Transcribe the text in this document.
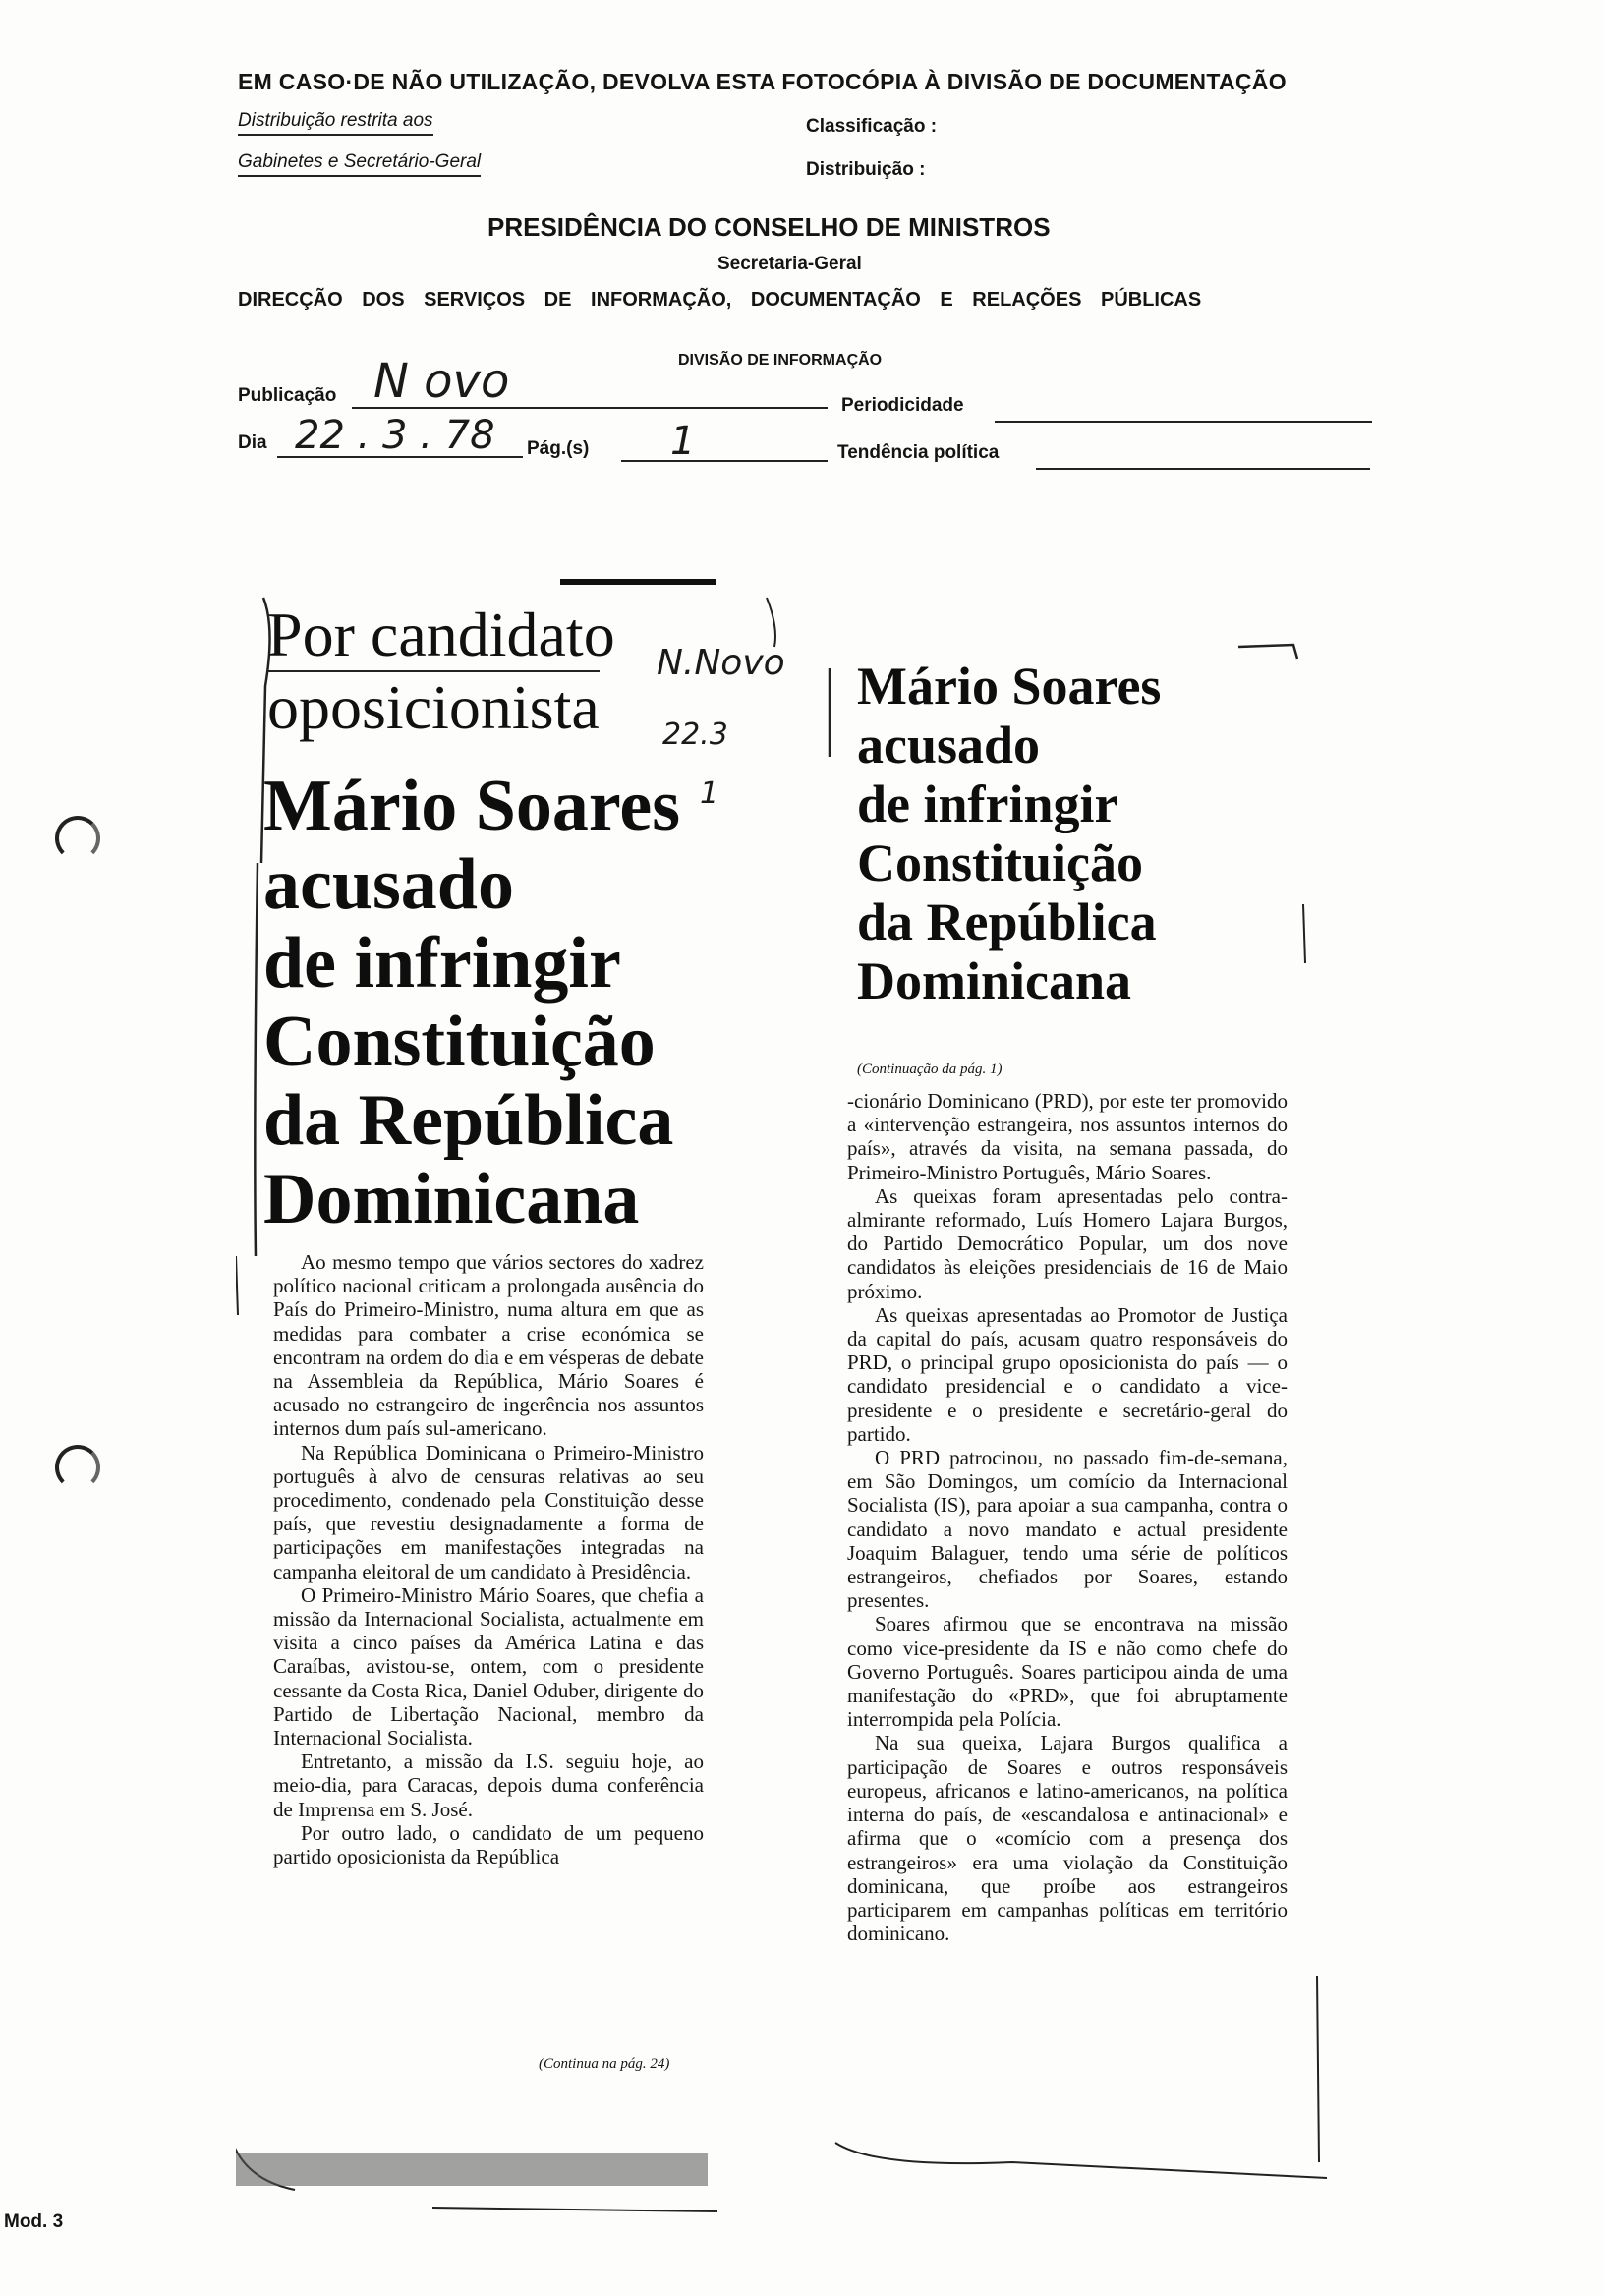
EM CASO·DE NÃO UTILIZAÇÃO, DEVOLVA ESTA FOTOCÓPIA À DIVISÃO DE DOCUMENTAÇÃO
Distribuição restrita aos
Gabinetes e Secretário-Geral
Classificação :
Distribuição :
PRESIDÊNCIA DO CONSELHO DE MINISTROS
Secretaria-Geral
DIRECÇÃO DOS SERVIÇOS DE INFORMAÇÃO, DOCUMENTAÇÃO E RELAÇÕES PÚBLICAS
DIVISÃO DE INFORMAÇÃO
Publicação N ovo	Periodicidade
Dia 22 . 3 . 78 Pág.(s) 1	Tendência política
Por candidato
oposicionista
N.Novo
22.3
1
Mário Soares
acusado
de infringir
Constituição
da República
Dominicana

Ao mesmo tempo que vários sectores do xadrez político nacional criticam a prolongada ausência do País do Primeiro-Ministro, numa altura em que as medidas para combater a crise económica se encontram na ordem do dia e em vésperas de debate na Assembleia da República, Mário Soares é acusado no estrangeiro de ingerência nos assuntos internos dum país sul-americano.

Na República Dominicana o Primeiro-Ministro português à alvo de censuras relativas ao seu procedimento, condenado pela Constituição desse país, que revestiu designadamente a forma de participações em manifestações integradas na campanha eleitoral de um candidato à Presidência.

O Primeiro-Ministro Mário Soares, que chefia a missão da Internacional Socialista, actualmente em visita a cinco países da América Latina e das Caraíbas, avistou-se, ontem, com o presidente cessante da Costa Rica, Daniel Oduber, dirigente do Partido de Libertação Nacional, membro da Internacional Socialista.

Entretanto, a missão da I.S. seguiu hoje, ao meio-dia, para Caracas, depois duma conferência de Imprensa em S. José.

Por outro lado, o candidato de um pequeno partido oposicionista da República

(Continua na pág. 24)
Mário Soares
acusado
de infringir
Constituição
da República
Dominicana
(Continuação da pág. 1)

-cionário Dominicano (PRD), por este ter promovido a «intervenção estrangeira, nos assuntos internos do país», através da visita, na semana passada, do Primeiro-Ministro Português, Mário Soares.

As queixas foram apresentadas pelo contra-almirante reformado, Luís Homero Lajara Burgos, do Partido Democrático Popular, um dos nove candidatos às eleições presidenciais de 16 de Maio próximo.

As queixas apresentadas ao Promotor de Justiça da capital do país, acusam quatro responsáveis do PRD, o principal grupo oposicionista do país — o candidato presidencial e o candidato a vice-presidente e o presidente e secretário-geral do partido.

O PRD patrocinou, no passado fim-de-semana, em São Domingos, um comício da Internacional Socialista (IS), para apoiar a sua campanha, contra o candidato a novo mandato e actual presidente Joaquim Balaguer, tendo uma série de políticos estrangeiros, chefiados por Soares, estando presentes.

Soares afirmou que se encontrava na missão como vice-presidente da IS e não como chefe do Governo Português. Soares participou ainda de uma manifestação do «PRD», que foi abruptamente interrompida pela Polícia.

Na sua queixa, Lajara Burgos qualifica a participação de Soares e outros responsáveis europeus, africanos e latino-americanos, na política interna do país, de «escandalosa e antinacional» e afirma que o «comício com a presença dos estrangeiros» era uma violação da Constituição dominicana, que proíbe aos estrangeiros participarem em campanhas políticas em território dominicano.

Mod. 3
